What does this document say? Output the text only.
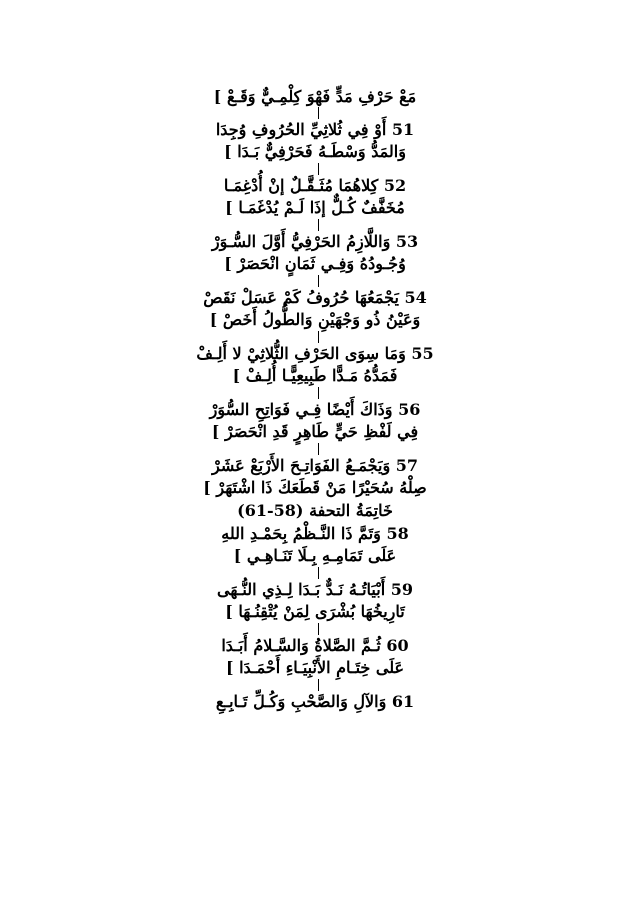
مَعْ حَرْفِ مَدٍّ فَهْوَ كِلْمِـيٌّ وَقَـعْ ]
51 أَوْ فِي ثُلاثِيِّ الحُرُوفِ وُجِدَا
وَالمَدُّ وَسْطَـهُ فَحَرْفِيٌّ بَـدَا ]
52 كِلاهُمَا مُثَـقَّـلٌ إنْ أُدْغِمَـا
مُخَفَّفٌ كُـلٌّ إذَا لَـمْ يُدْغَمَـا ]
53 وَاللَّازِمُ الحَرْفِيُّ أَوَّلَ السُّـوَرْ
وُجُـودُهُ وَفِـي ثَمَانٍ انْحَصَرْ ]
54 يَجْمَعُهَا حُرُوفُ كَمْ عَسَلْ نَقَصْ
وَعَيْنُ ذُو وَجْهَيْنِ وَالطُّولُ أَخَصْ ]
55 وَمَا سِوَى الحَرْفِ الثُّلاثِيْ لا أَلِـفْ
فَمَدُّهُ مَـدًّا طَبِيعِيًّـا أُلِـفْ ]
56 وَذَاكَ أَيْضًا فِـي فَوَاتِحِ السُّوَرْ
فِي لَفْظِ حَيٍّ طَاهِرٍ قَدِ انْحَصَرْ ]
57 وَيَجْمَـعُ الفَوَاتِـحَ الأَرْبَعْ عَشَرْ
صِلْهُ سُحَيْرًا مَنْ قَطَعَكَ ذَا اشْتَهَرْ ]
خَاتِمَةُ التحفة (58-61)
58 وَتَمَّ ذَا النَّـظْمُ بِحَمْـدِ اللهِ
عَلَى تَمَامِـهِ بِـلَا تَنَـاهِـي ]
59 أَبْيَاتُـهُ نَـدٌّ بَـدَا لِـذِي النُّـهَى
تَارِيخُهَا بُشْرَى لِمَنْ يُتْقِنُـهَا ]
60 ثُـمَّ الصَّلاةُ وَالسَّـلامُ أَبَـدَا
عَلَى خِتَـامِ الأَنْبِيَـاءِ أَحْمَـدَا ]
61 وَالآلِ وَالصَّحْبِ وَكُـلِّ تَـابِـعِ
